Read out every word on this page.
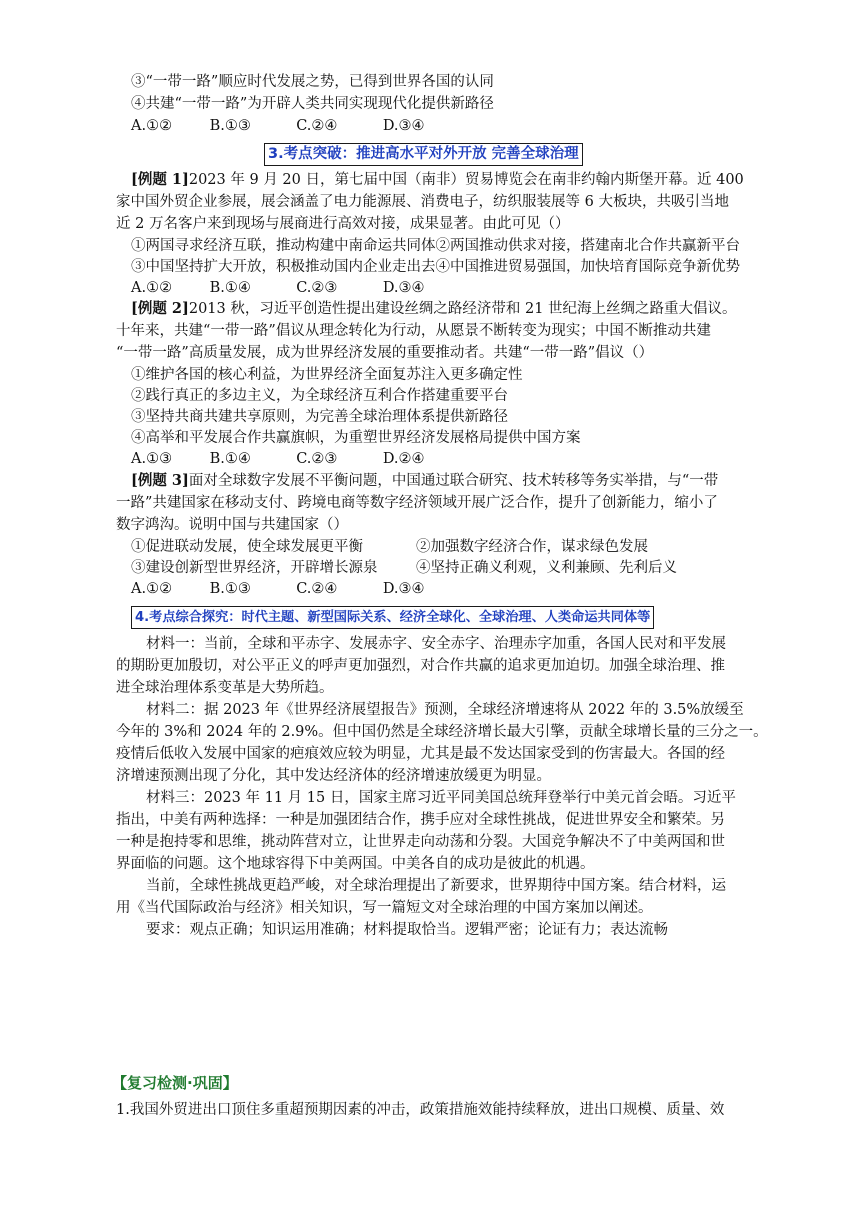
③“一带一路”顺应时代发展之势，已得到世界各国的认同
④共建“一带一路”为开辟人类共同实现现代化提供新路径
A.①②	B.①③	C.②④	D.③④
3.考点突破：推进高水平对外开放 完善全球治理
[例题 1]2023 年 9 月 20 日，第七届中国（南非）贸易博览会在南非约翰内斯堡开幕。近 400
家中国外贸企业参展，展会涵盖了电力能源展、消费电子，纺织服装展等 6 大板块，共吸引当地
近 2 万名客户来到现场与展商进行高效对接，成果显著。由此可见（）
①两国寻求经济互联，推动构建中南命运共同体②两国推动供求对接，搭建南北合作共赢新平台
③中国坚持扩大开放，积极推动国内企业走出去④中国推进贸易强国，加快培育国际竞争新优势
A.①②	B.①④	C.②③	D.③④
[例题 2]2013 秋，习近平创造性提出建设丝绸之路经济带和 21 世纪海上丝绸之路重大倡议。
十年来，共建“一带一路”倡议从理念转化为行动，从愿景不断转变为现实；中国不断推动共建
“一带一路”高质量发展，成为世界经济发展的重要推动者。共建“一带一路”倡议（）
①维护各国的核心利益，为世界经济全面复苏注入更多确定性
②践行真正的多边主义，为全球经济互利合作搭建重要平台
③坚持共商共建共享原则，为完善全球治理体系提供新路径
④高举和平发展合作共赢旗帜，为重塑世界经济发展格局提供中国方案
A.①③	B.①④	C.②③	D.②④
[例题 3]面对全球数字发展不平衡问题，中国通过联合研究、技术转移等务实举措，与“一带
一路”共建国家在移动支付、跨境电商等数字经济领域开展广泛合作，提升了创新能力，缩小了
数字鸿沟。说明中国与共建国家（）
①促进联动发展，使全球发展更平衡	②加强数字经济合作，谋求绿色发展
③建设创新型世界经济，开辟增长源泉	④坚持正确义利观，义利兼顾、先利后义
A.①②	B.①③	C.②④	D.③④
4.考点综合探究：时代主题、新型国际关系、经济全球化、全球治理、人类命运共同体等
材料一：当前，全球和平赤字、发展赤字、安全赤字、治理赤字加重，各国人民对和平发展
的期盼更加殷切，对公平正义的呼声更加强烈，对合作共赢的追求更加迫切。加强全球治理、推
进全球治理体系变革是大势所趋。
材料二：据 2023 年《世界经济展望报告》预测，全球经济增速将从 2022 年的 3.5%放缓至
今年的 3%和 2024 年的 2.9%。但中国仍然是全球经济增长最大引擎，贡献全球增长量的三分之一。
疫情后低收入发展中国家的疤痕效应较为明显，尤其是最不发达国家受到的伤害最大。各国的经
济增速预测出现了分化，其中发达经济体的经济增速放缓更为明显。
材料三：2023 年 11 月 15 日，国家主席习近平同美国总统拜登举行中美元首会晤。习近平
指出，中美有两种选择：一种是加强团结合作，携手应对全球性挑战，促进世界安全和繁荣。另
一种是抱持零和思维，挑动阵营对立，让世界走向动荡和分裂。大国竞争解决不了中美两国和世
界面临的问题。这个地球容得下中美两国。中美各自的成功是彼此的机遇。
当前，全球性挑战更趋严峻，对全球治理提出了新要求，世界期待中国方案。结合材料，运
用《当代国际政治与经济》相关知识，写一篇短文对全球治理的中国方案加以阐述。
要求：观点正确；知识运用准确；材料提取恰当。逻辑严密；论证有力；表达流畅
【复习检测·巩固】
1.我国外贸进出口顶住多重超预期因素的冲击，政策措施效能持续释放，进出口规模、质量、效
